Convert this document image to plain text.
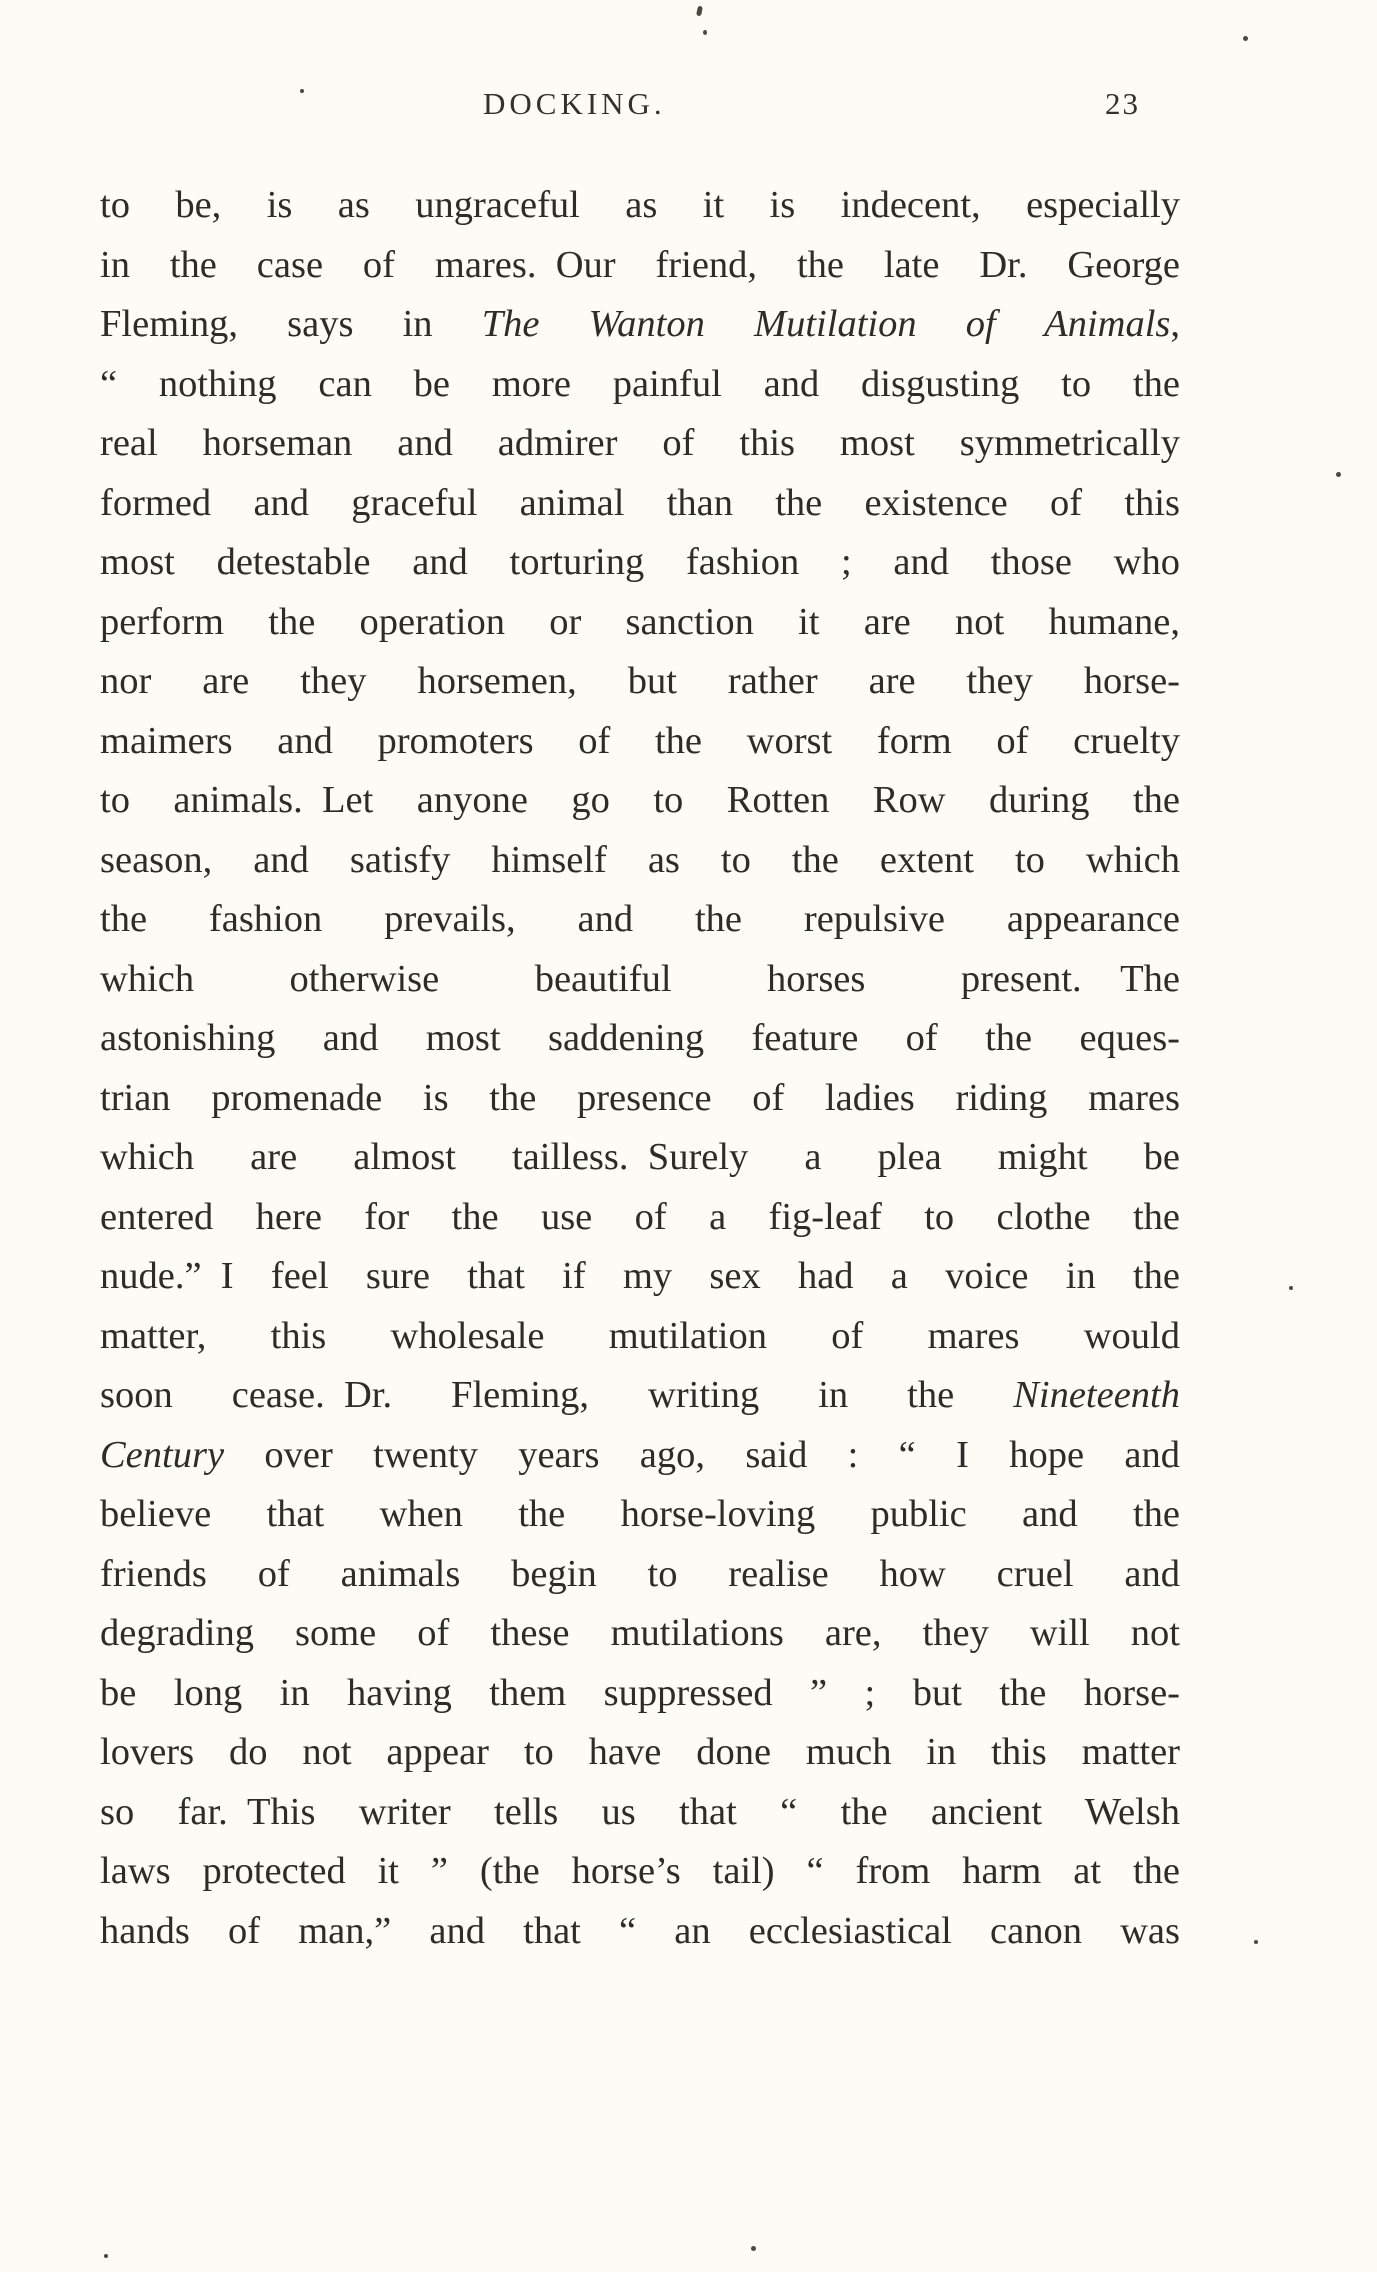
DOCKING.	23
to be, is as ungraceful as it is indecent, especially
in the case of mares. Our friend, the late Dr. George
Fleming, says in The Wanton Mutilation of Animals,
“ nothing can be more painful and disgusting to the
real horseman and admirer of this most symmetrically
formed and graceful animal than the existence of this
most detestable and torturing fashion ; and those who
perform the operation or sanction it are not humane,
nor are they horsemen, but rather are they horse-
maimers and promoters of the worst form of cruelty
to animals. Let anyone go to Rotten Row during the
season, and satisfy himself as to the extent to which
the fashion prevails, and the repulsive appearance
which otherwise beautiful horses present. The
astonishing and most saddening feature of the eques-
trian promenade is the presence of ladies riding mares
which are almost tailless. Surely a plea might be
entered here for the use of a fig-leaf to clothe the
nude.” I feel sure that if my sex had a voice in the
matter, this wholesale mutilation of mares would
soon cease. Dr. Fleming, writing in the Nineteenth
Century over twenty years ago, said : “ I hope and
believe that when the horse-loving public and the
friends of animals begin to realise how cruel and
degrading some of these mutilations are, they will not
be long in having them suppressed ” ; but the horse-
lovers do not appear to have done much in this matter
so far. This writer tells us that “ the ancient Welsh
laws protected it ” (the horse’s tail) “ from harm at the
hands of man,” and that “ an ecclesiastical canon was
